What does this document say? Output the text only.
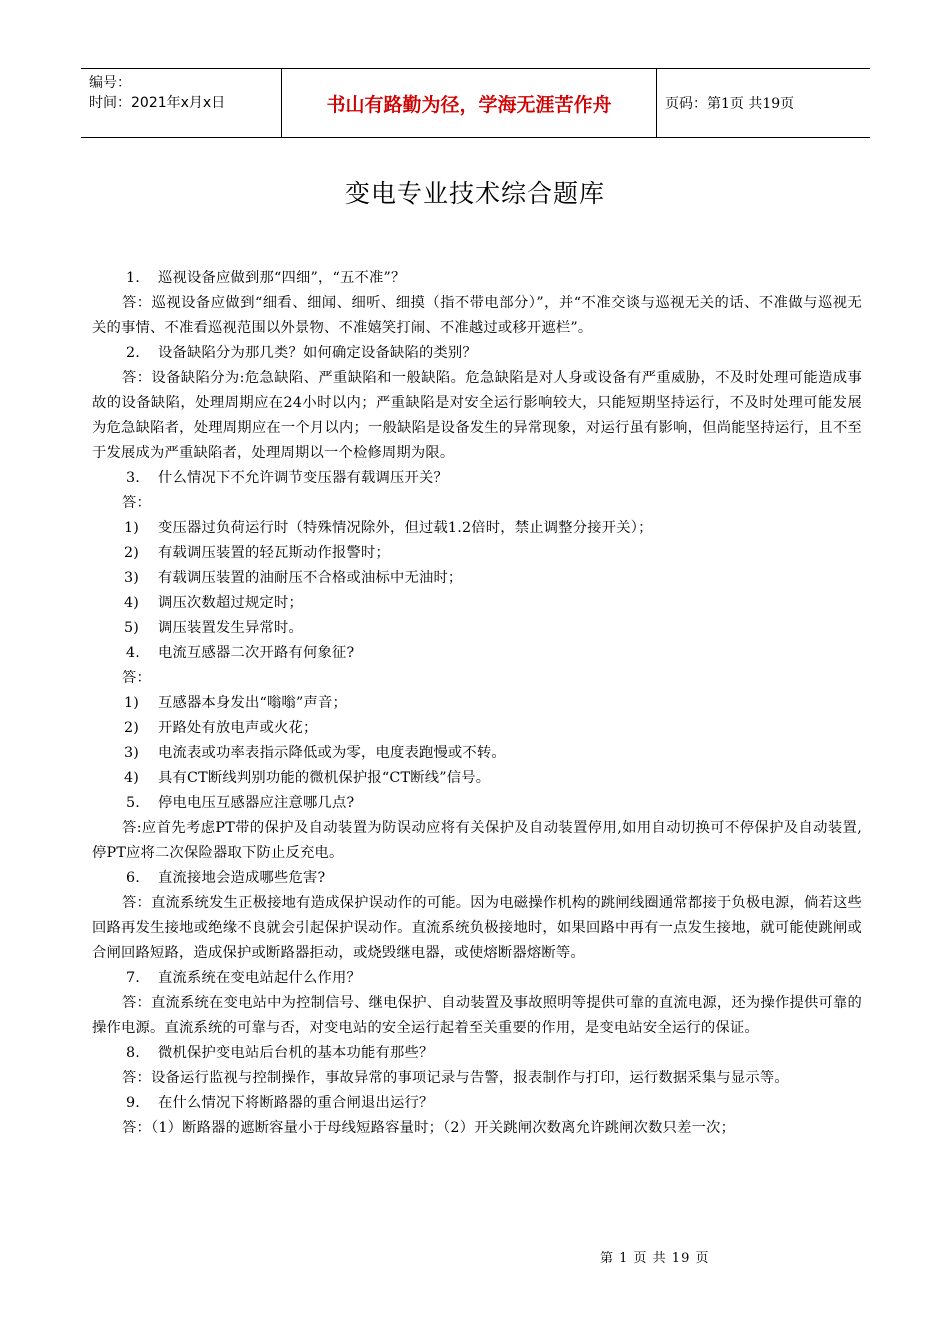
编号：
时间：2021年x月x日	书山有路勤为径，学海无涯苦作舟	页码：第1页 共19页
变电专业技术综合题库

1. 巡视设备应做到那“四细”，“五不准”？

答：巡视设备应做到“细看、细闻、细听、细摸（指不带电部分）”，并“不准交谈与巡视无关的话、不准做与巡视无关的事情、不准看巡视范围以外景物、不准嬉笑打闹、不准越过或移开遮栏”。

2. 设备缺陷分为那几类？如何确定设备缺陷的类别？

答：设备缺陷分为:危急缺陷、严重缺陷和一般缺陷。危急缺陷是对人身或设备有严重威胁，不及时处理可能造成事故的设备缺陷，处理周期应在24小时以内；严重缺陷是对安全运行影响较大，只能短期坚持运行，不及时处理可能发展为危急缺陷者，处理周期应在一个月以内；一般缺陷是设备发生的异常现象，对运行虽有影响，但尚能坚持运行，且不至于发展成为严重缺陷者，处理周期以一个检修周期为限。

3. 什么情况下不允许调节变压器有载调压开关？

答：

1) 变压器过负荷运行时（特殊情况除外，但过载1.2倍时，禁止调整分接开关）；

2) 有载调压装置的轻瓦斯动作报警时；

3) 有载调压装置的油耐压不合格或油标中无油时；

4) 调压次数超过规定时；

5) 调压装置发生异常时。

4. 电流互感器二次开路有何象征?

答：

1) 互感器本身发出“嗡嗡”声音；

2) 开路处有放电声或火花；

3) 电流表或功率表指示降低或为零，电度表跑慢或不转。

4) 具有CT断线判别功能的微机保护报“CT断线”信号。

5. 停电电压互感器应注意哪几点?

答:应首先考虑PT带的保护及自动装置为防误动应将有关保护及自动装置停用,如用自动切换可不停保护及自动装置,停PT应将二次保险器取下防止反充电。

6. 直流接地会造成哪些危害?

答：直流系统发生正极接地有造成保护误动作的可能。因为电磁操作机构的跳闸线圈通常都接于负极电源，倘若这些回路再发生接地或绝缘不良就会引起保护误动作。直流系统负极接地时，如果回路中再有一点发生接地，就可能使跳闸或合闸回路短路，造成保护或断路器拒动，或烧毁继电器，或使熔断器熔断等。

7. 直流系统在变电站起什么作用？

答：直流系统在变电站中为控制信号、继电保护、自动装置及事故照明等提供可靠的直流电源，还为操作提供可靠的操作电源。直流系统的可靠与否，对变电站的安全运行起着至关重要的作用，是变电站安全运行的保证。

8. 微机保护变电站后台机的基本功能有那些？

答：设备运行监视与控制操作，事故异常的事项记录与告警，报表制作与打印，运行数据采集与显示等。

9. 在什么情况下将断路器的重合闸退出运行？

答：（1）断路器的遮断容量小于母线短路容量时；（2）开关跳闸次数离允许跳闸次数只差一次；

第 1 页 共 19 页
